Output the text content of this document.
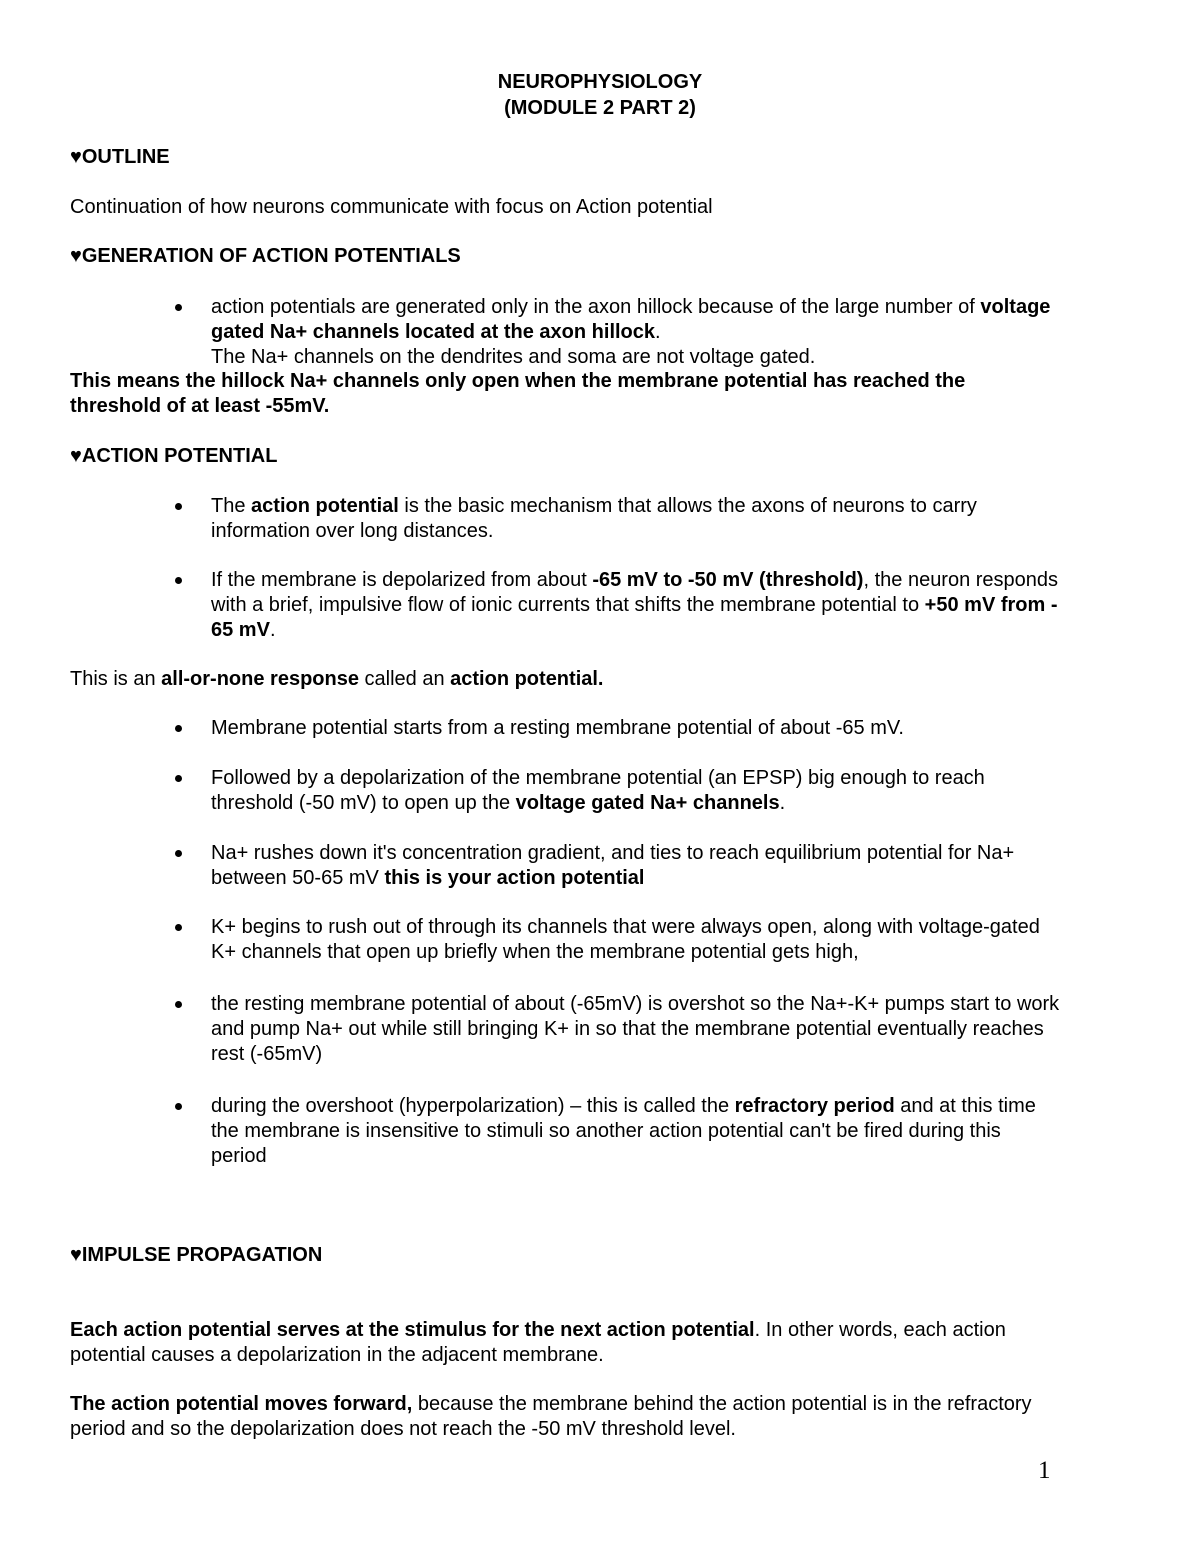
NEUROPHYSIOLOGY
(MODULE 2 PART 2)
♥OUTLINE
Continuation of how neurons communicate with focus on Action potential
♥GENERATION OF ACTION POTENTIALS
action potentials are generated only in the axon hillock because of the large number of voltage
gated Na+ channels located at the axon hillock.
The Na+ channels on the dendrites and soma are not voltage gated.
This means the hillock Na+ channels only open when the membrane potential has reached the
threshold of at least -55mV.
♥ACTION POTENTIAL
The action potential is the basic mechanism that allows the axons of neurons to carry
information over long distances.
If the membrane is depolarized from about -65 mV to -50 mV (threshold), the neuron responds
with a brief, impulsive flow of ionic currents that shifts the membrane potential to +50 mV from -
65 mV.
This is an all-or-none response called an action potential.
Membrane potential starts from a resting membrane potential of about -65 mV.
Followed by a depolarization of the membrane potential (an EPSP) big enough to reach
threshold (-50 mV) to open up the voltage gated Na+ channels.
Na+ rushes down it's concentration gradient, and ties to reach equilibrium potential for Na+
between 50-65 mV this is your action potential
K+ begins to rush out of through its channels that were always open, along with voltage-gated
K+ channels that open up briefly when the membrane potential gets high,
the resting membrane potential of about (-65mV) is overshot so the Na+-K+ pumps start to work
and pump Na+ out while still bringing K+ in so that the membrane potential eventually reaches
rest (-65mV)
during the overshoot (hyperpolarization) – this is called the refractory period and at this time
the membrane is insensitive to stimuli so another action potential can't be fired during this
period
♥IMPULSE PROPAGATION
Each action potential serves at the stimulus for the next action potential. In other words, each action
potential causes a depolarization in the adjacent membrane.
The action potential moves forward, because the membrane behind the action potential is in the refractory
period and so the depolarization does not reach the -50 mV threshold level.
1
